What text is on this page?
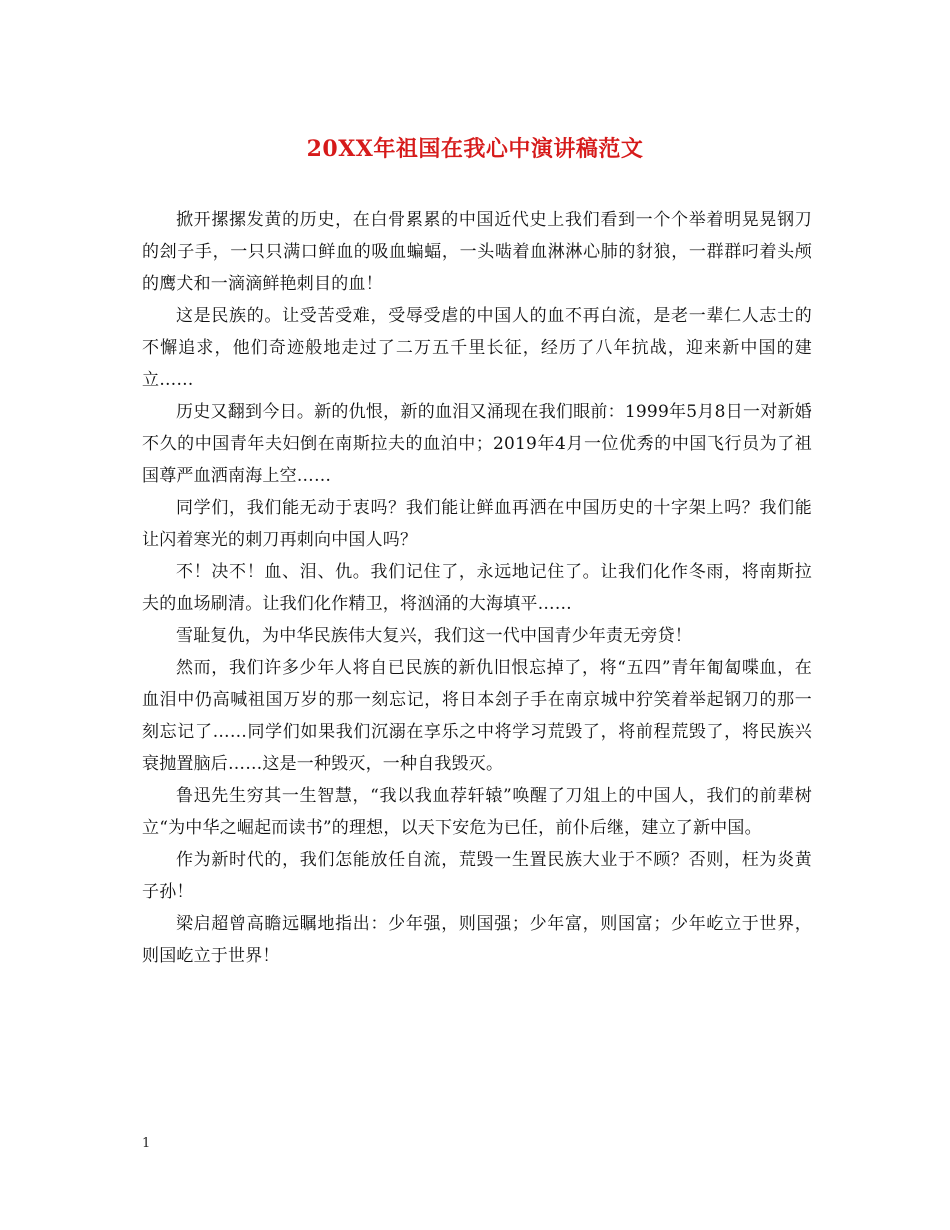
20XX年祖国在我心中演讲稿范文

掀开摞摞发黄的历史，在白骨累累的中国近代史上我们看到一个个举着明晃晃钢刀的刽子手，一只只满口鲜血的吸血蝙蝠，一头啮着血淋淋心肺的豺狼，一群群叼着头颅的鹰犬和一滴滴鲜艳刺目的血！

这是民族的。让受苦受难，受辱受虐的中国人的血不再白流，是老一辈仁人志士的不懈追求，他们奇迹般地走过了二万五千里长征，经历了八年抗战，迎来新中国的建立……

历史又翻到今日。新的仇恨，新的血泪又涌现在我们眼前：1999年5月8日一对新婚不久的中国青年夫妇倒在南斯拉夫的血泊中；2019年4月一位优秀的中国飞行员为了祖国尊严血洒南海上空……

同学们，我们能无动于衷吗？我们能让鲜血再洒在中国历史的十字架上吗？我们能让闪着寒光的刺刀再刺向中国人吗？

不！决不！血、泪、仇。我们记住了，永远地记住了。让我们化作冬雨，将南斯拉夫的血场刷清。让我们化作精卫，将汹涌的大海填平……

雪耻复仇，为中华民族伟大复兴，我们这一代中国青少年责无旁贷！

然而，我们许多少年人将自已民族的新仇旧恨忘掉了，将“五四”青年匍匐喋血，在血泪中仍高喊祖国万岁的那一刻忘记，将日本刽子手在南京城中狞笑着举起钢刀的那一刻忘记了……同学们如果我们沉溺在享乐之中将学习荒毁了，将前程荒毁了，将民族兴衰抛置脑后……这是一种毁灭，一种自我毁灭。

鲁迅先生穷其一生智慧，“我以我血荐轩辕”唤醒了刀俎上的中国人，我们的前辈树立“为中华之崛起而读书”的理想，以天下安危为已任，前仆后继，建立了新中国。

作为新时代的，我们怎能放任自流，荒毁一生置民族大业于不顾？否则，枉为炎黄子孙！

梁启超曾高瞻远瞩地指出：少年强，则国强；少年富，则国富；少年屹立于世界，则国屹立于世界！

1
